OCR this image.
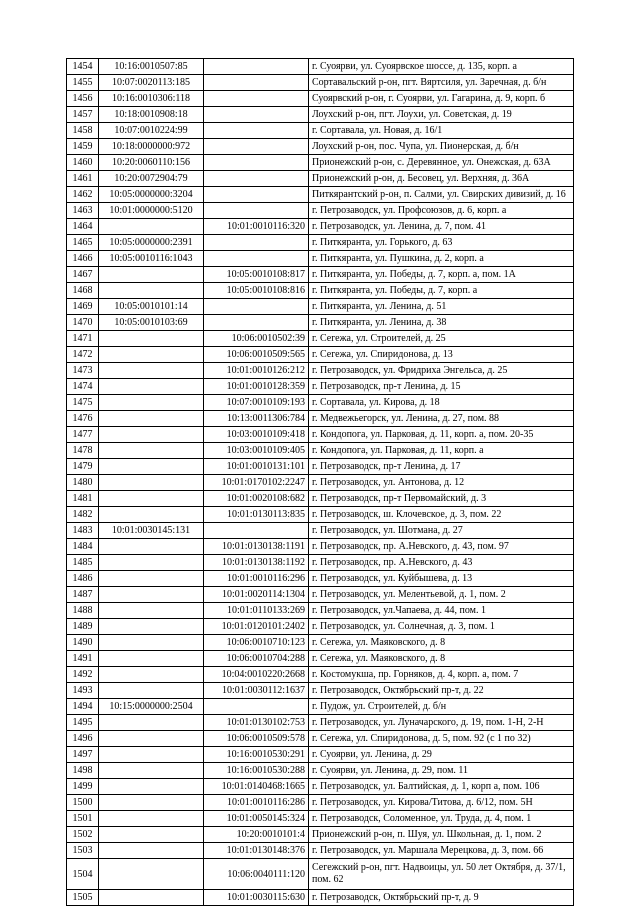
1454	10:16:0010507:85		г. Суоярви, ул. Суоярвское шоссе, д. 135, корп. а
1455	10:07:0020113:185		Сортавальский р-он, пгт. Вяртсиля, ул. Заречная, д. б/н
1456	10:16:0010306:118		Суоярвский р-он, г. Суоярви, ул. Гагарина, д. 9, корп. б
1457	10:18:0010908:18		Лоухский р-он, пгт. Лоухи, ул. Советская, д. 19
1458	10:07:0010224:99		г. Сортавала, ул. Новая, д. 16/1
1459	10:18:0000000:972		Лоухский р-он, пос. Чупа, ул. Пионерская, д. б/н
1460	10:20:0060110:156		Прионежский р-он, с. Деревянное, ул. Онежская, д. 63А
1461	10:20:0072904:79		Прионежский р-он, д. Бесовец, ул. Верхняя, д. 36А
1462	10:05:0000000:3204		Питкярантский р-он, п. Салми, ул. Свирских дивизий, д. 16
1463	10:01:0000000:5120		г. Петрозаводск, ул. Профсоюзов, д. 6, корп. а
1464		10:01:0010116:320	г. Петрозаводск, ул. Ленина, д. 7, пом. 41
1465	10:05:0000000:2391		г. Питкяранта, ул. Горького, д. 63
1466	10:05:0010116:1043		г. Питкяранта, ул. Пушкина, д. 2, корп. а
1467		10:05:0010108:817	г. Питкяранта, ул. Победы, д. 7, корп. а, пом. 1А
1468		10:05:0010108:816	г. Питкяранта, ул. Победы, д. 7, корп. а
1469	10:05:0010101:14		г. Питкяранта, ул. Ленина, д. 51
1470	10:05:0010103:69		г. Питкяранта, ул. Ленина, д. 38
1471		10:06:0010502:39	г. Сегежа, ул. Строителей, д. 25
1472		10:06:0010509:565	г. Сегежа, ул. Спиридонова, д. 13
1473		10:01:0010126:212	г. Петрозаводск, ул. Фридриха Энгельса, д. 25
1474		10:01:0010128:359	г. Петрозаводск, пр-т Ленина, д. 15
1475		10:07:0010109:193	г. Сортавала, ул. Кирова, д. 18
1476		10:13:0011306:784	г. Медвежьегорск, ул. Ленина, д. 27, пом. 88
1477		10:03:0010109:418	г. Кондопога, ул. Парковая, д. 11, корп. а, пом. 20-35
1478		10:03:0010109:405	г. Кондопога, ул. Парковая, д. 11, корп. а
1479		10:01:0010131:101	г. Петрозаводск, пр-т Ленина, д. 17
1480		10:01:0170102:2247	г. Петрозаводск, ул. Антонова, д. 12
1481		10:01:0020108:682	г. Петрозаводск, пр-т Первомайский, д. 3
1482		10:01:0130113:835	г. Петрозаводск, ш. Клочевское, д. 3, пом. 22
1483	10:01:0030145:131		г. Петрозаводск, ул. Шотмана, д. 27
1484		10:01:0130138:1191	г. Петрозаводск, пр. А.Невского, д. 43, пом. 97
1485		10:01:0130138:1192	г. Петрозаводск, пр. А.Невского, д. 43
1486		10:01:0010116:296	г. Петрозаводск, ул. Куйбышева, д. 13
1487		10:01:0020114:1304	г. Петрозаводск, ул. Мелентьевой, д. 1, пом. 2
1488		10:01:0110133:269	г. Петрозаводск, ул.Чапаева, д. 44, пом. 1
1489		10:01:0120101:2402	г. Петрозаводск, ул. Солнечная, д. 3, пом. 1
1490		10:06:0010710:123	г. Сегежа, ул. Маяковского, д. 8
1491		10:06:0010704:288	г. Сегежа, ул. Маяковского, д. 8
1492		10:04:0010220:2668	г. Костомукша, пр. Горняков, д. 4, корп. а, пом. 7
1493		10:01:0030112:1637	г. Петрозаводск, Октябрьский пр-т, д. 22
1494	10:15:0000000:2504		г. Пудож, ул. Строителей, д. б/н
1495		10:01:0130102:753	г. Петрозаводск, ул. Луначарского, д. 19, пом. 1-Н, 2-Н
1496		10:06:0010509:578	г. Сегежа, ул. Спиридонова, д. 5, пом. 92 (с 1 по 32)
1497		10:16:0010530:291	г. Суоярви, ул. Ленина, д. 29
1498		10:16:0010530:288	г. Суоярви, ул. Ленина, д. 29, пом. 11
1499		10:01:0140468:1665	г. Петрозаводск, ул. Балтийская, д. 1, корп а, пом. 106
1500		10:01:0010116:286	г. Петрозаводск, ул. Кирова/Титова, д. 6/12, пом. 5Н
1501		10:01:0050145:324	г. Петрозаводск, Соломенное, ул. Труда, д. 4, пом. 1
1502		10:20:0010101:4	Прионежский р-он, п. Шуя, ул. Школьная, д. 1, пом. 2
1503		10:01:0130148:376	г. Петрозаводск, ул. Маршала Мерецкова, д. 3, пом. 66
1504		10:06:0040111:120	Сегежский р-он, пгт. Надвоицы, ул. 50 лет Октября, д. 37/1, пом. 62
1505		10:01:0030115:630	г. Петрозаводск, Октябрьский пр-т, д. 9
